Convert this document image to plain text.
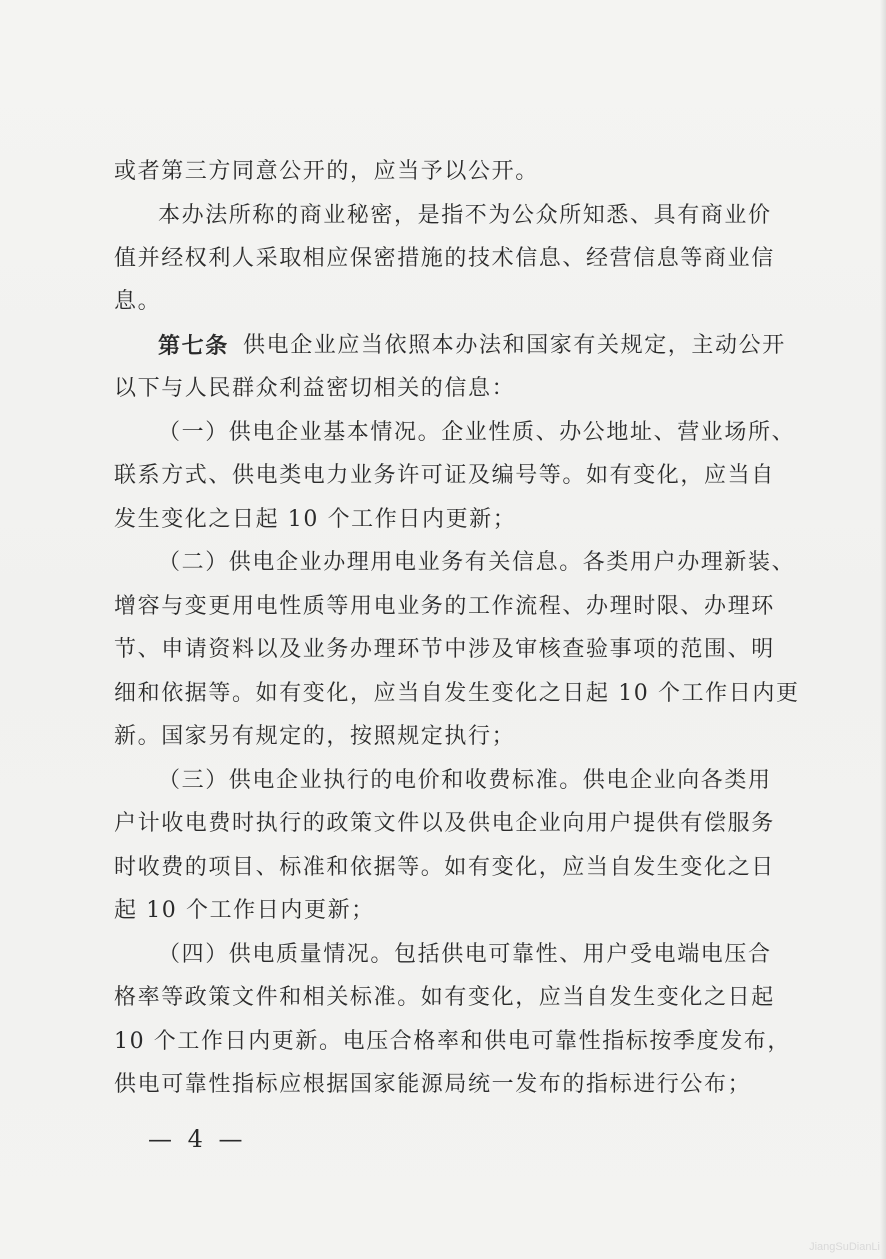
或者第三方同意公开的，应当予以公开。
本办法所称的商业秘密，是指不为公众所知悉、具有商业价
值并经权利人采取相应保密措施的技术信息、经营信息等商业信
息。
第七条 供电企业应当依照本办法和国家有关规定，主动公开
以下与人民群众利益密切相关的信息：
（一）供电企业基本情况。企业性质、办公地址、营业场所、
联系方式、供电类电力业务许可证及编号等。如有变化，应当自
发生变化之日起 10 个工作日内更新；
（二）供电企业办理用电业务有关信息。各类用户办理新装、
增容与变更用电性质等用电业务的工作流程、办理时限、办理环
节、申请资料以及业务办理环节中涉及审核查验事项的范围、明
细和依据等。如有变化，应当自发生变化之日起 10 个工作日内更
新。国家另有规定的，按照规定执行；
（三）供电企业执行的电价和收费标准。供电企业向各类用
户计收电费时执行的政策文件以及供电企业向用户提供有偿服务
时收费的项目、标准和依据等。如有变化，应当自发生变化之日
起 10 个工作日内更新；
（四）供电质量情况。包括供电可靠性、用户受电端电压合
格率等政策文件和相关标准。如有变化，应当自发生变化之日起
10 个工作日内更新。电压合格率和供电可靠性指标按季度发布，
供电可靠性指标应根据国家能源局统一发布的指标进行公布；
— 4 —
JiangSuDianLi
